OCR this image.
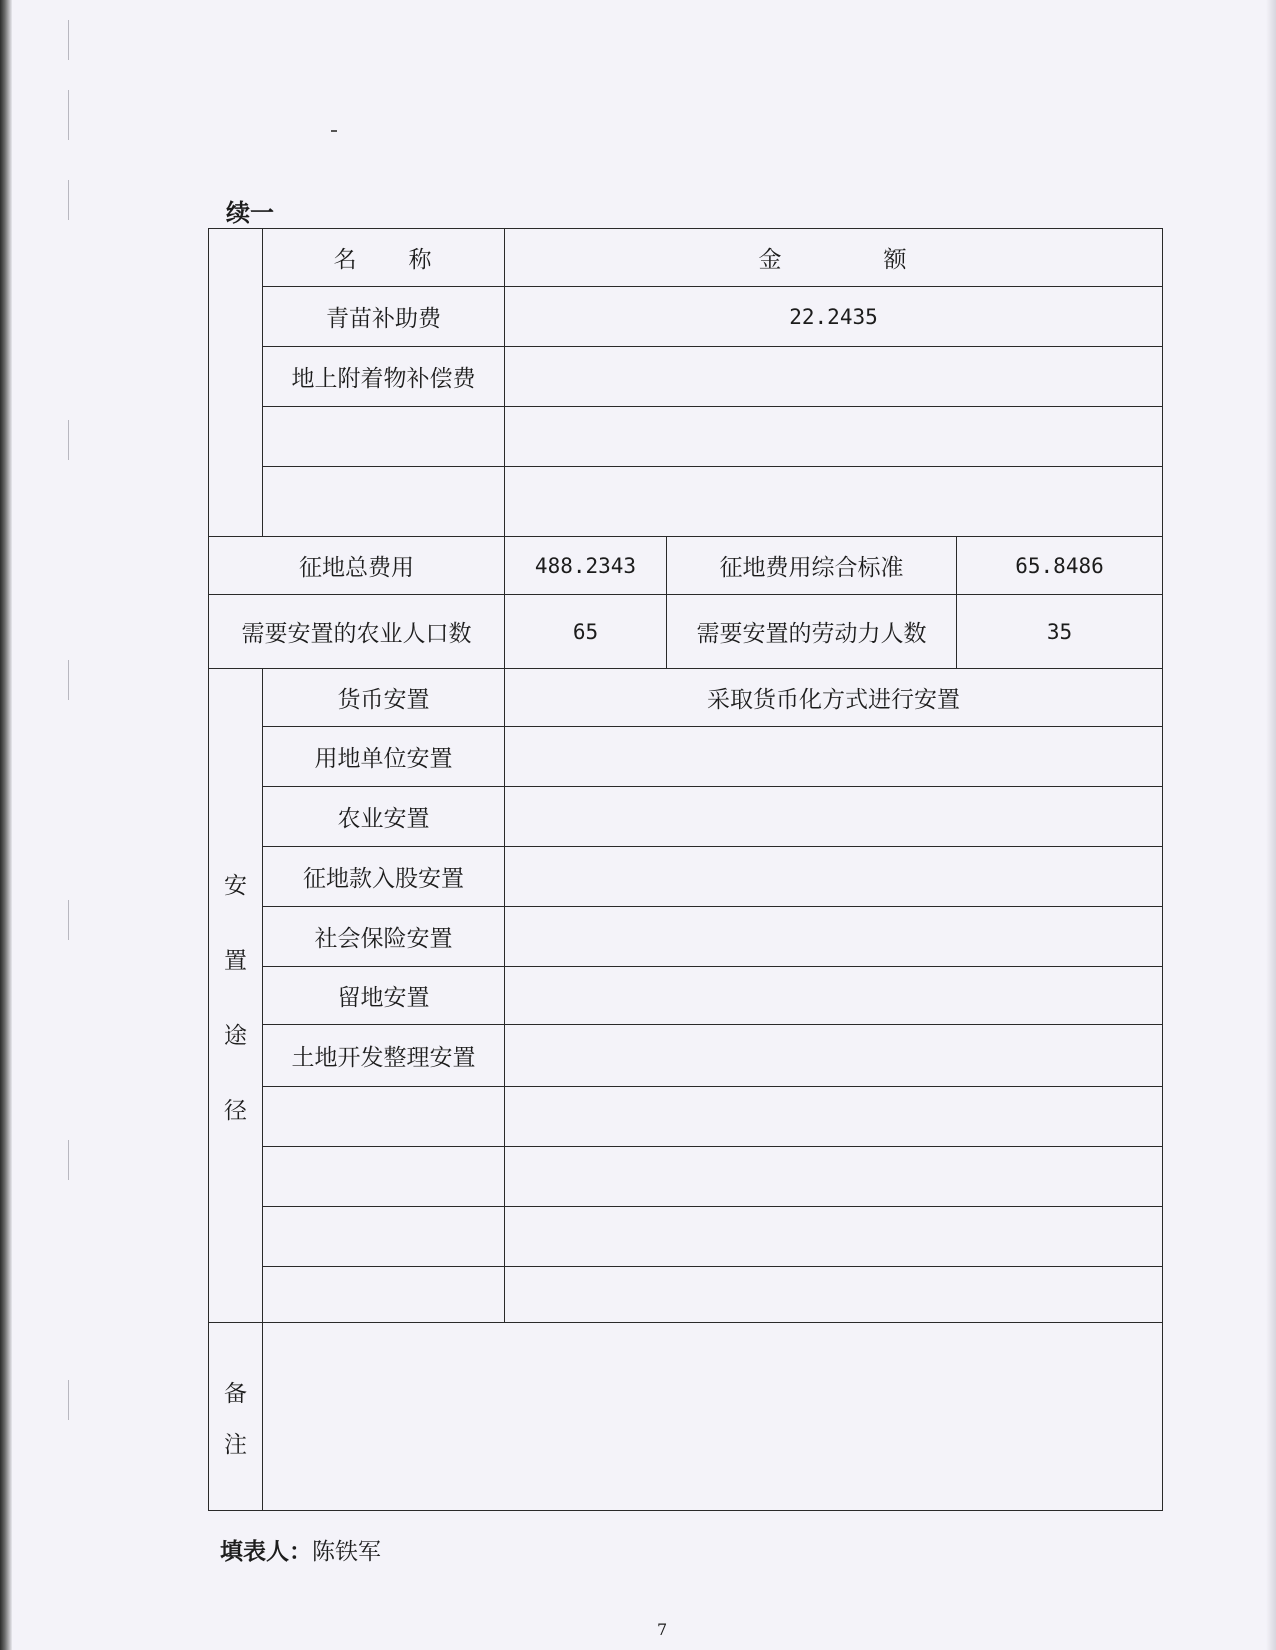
续一
	名　　称	金　　　　额		
	青苗补助费	22.2435		
	地上附着物补偿费			

征地总费用		488.2343	征地费用综合标准	65.8486
需要安置的农业人口数		65	需要安置的劳动力人数	35

安
置
途
径	货币安置	采取货币化方式进行安置		
	用地单位安置			
	农业安置			
	征地款入股安置			
	社会保险安置			
	留地安置			
	土地开发整理安置			

备
注				

填表人：陈铁军
7
